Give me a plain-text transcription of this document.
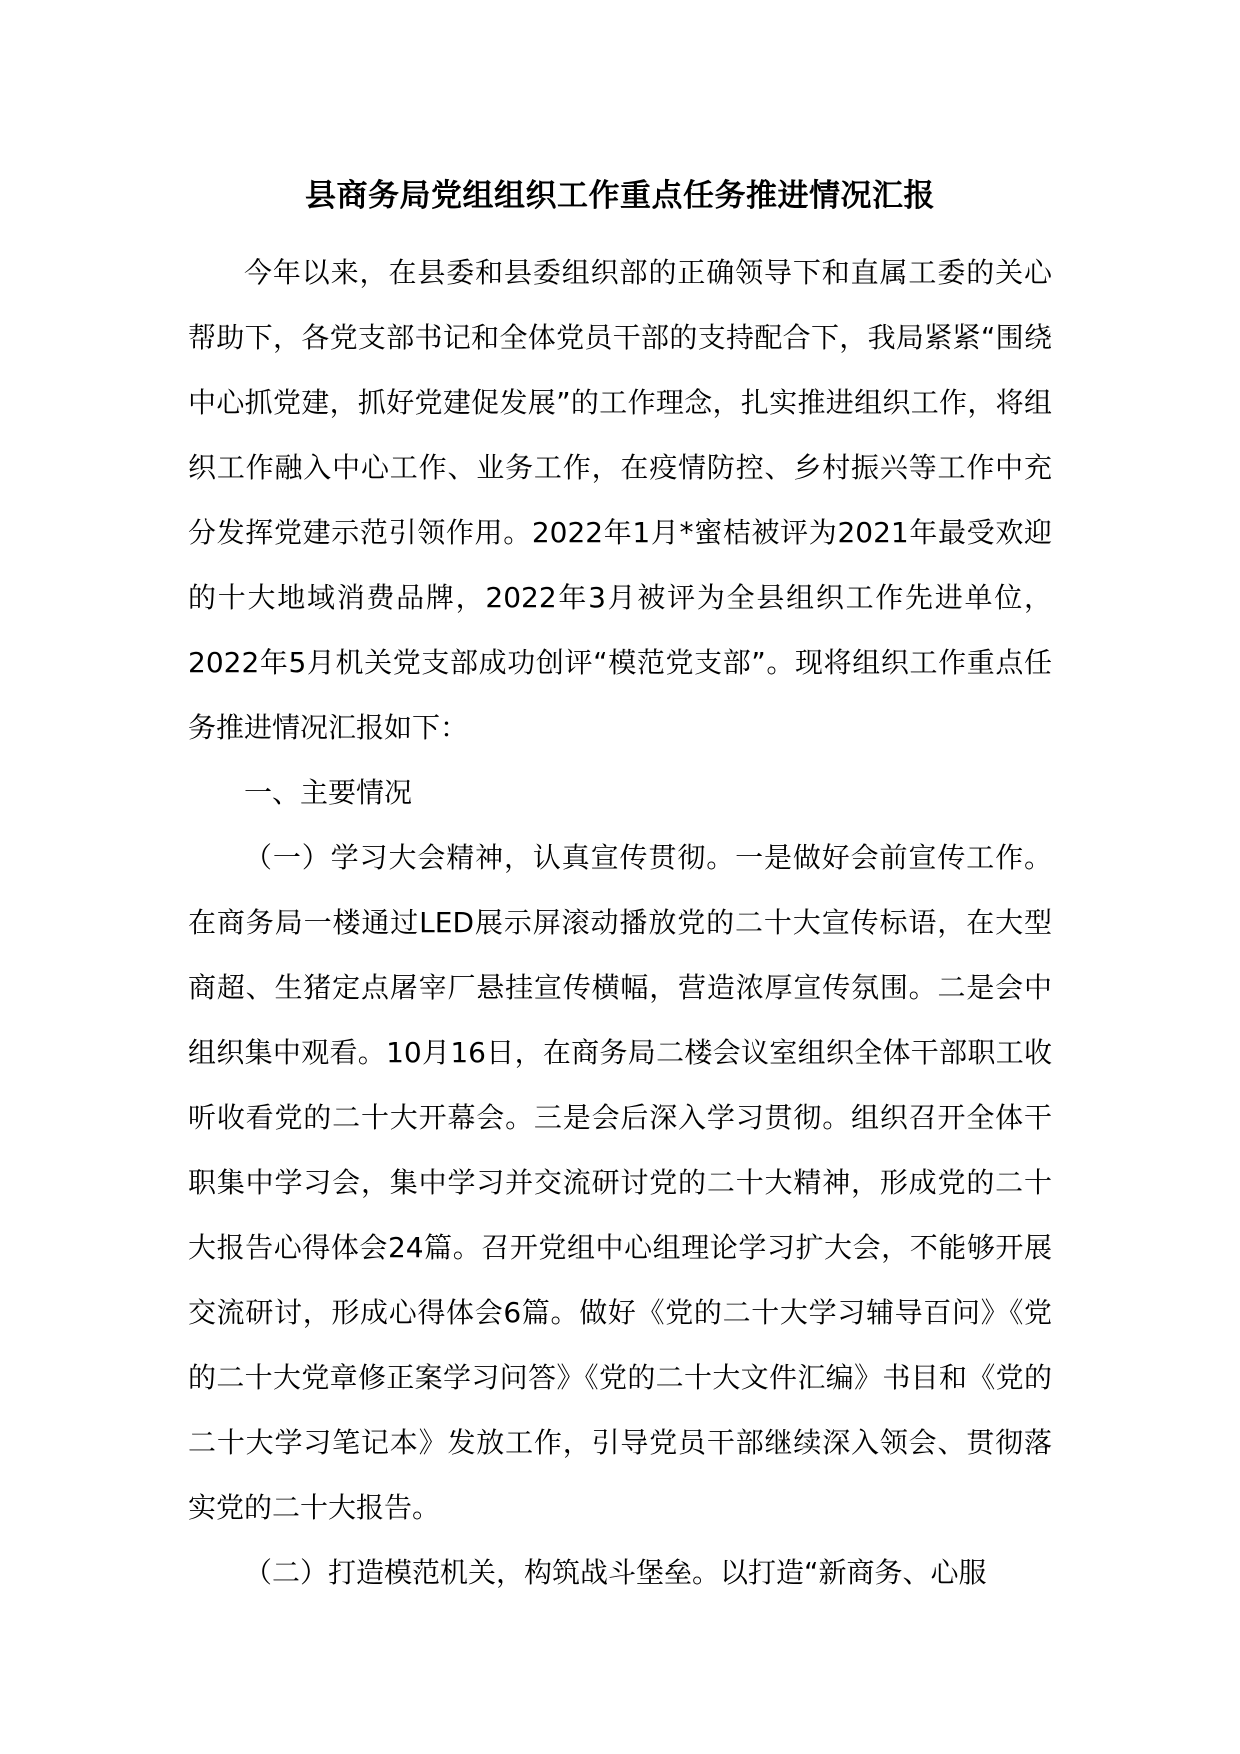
县商务局党组组织工作重点任务推进情况汇报

今年以来，在县委和县委组织部的正确领导下和直属工委的关心帮助下，各党支部书记和全体党员干部的支持配合下，我局紧紧“围绕中心抓党建，抓好党建促发展”的工作理念，扎实推进组织工作，将组织工作融入中心工作、业务工作，在疫情防控、乡村振兴等工作中充分发挥党建示范引领作用。2022年1月*蜜桔被评为2021年最受欢迎的十大地域消费品牌，2022年3月被评为全县组织工作先进单位，2022年5月机关党支部成功创评“模范党支部”。现将组织工作重点任务推进情况汇报如下：

一、主要情况

（一）学习大会精神，认真宣传贯彻。一是做好会前宣传工作。在商务局一楼通过LED展示屏滚动播放党的二十大宣传标语，在大型商超、生猪定点屠宰厂悬挂宣传横幅，营造浓厚宣传氛围。二是会中组织集中观看。10月16日，在商务局二楼会议室组织全体干部职工收听收看党的二十大开幕会。三是会后深入学习贯彻。组织召开全体干职集中学习会，集中学习并交流研讨党的二十大精神，形成党的二十大报告心得体会24篇。召开党组中心组理论学习扩大会，不能够开展交流研讨，形成心得体会6篇。做好《党的二十大学习辅导百问》《党的二十大党章修正案学习问答》《党的二十大文件汇编》书目和《党的二十大学习笔记本》发放工作，引导党员干部继续深入领会、贯彻落实党的二十大报告。

（二）打造模范机关，构筑战斗堡垒。以打造“新商务、心服
